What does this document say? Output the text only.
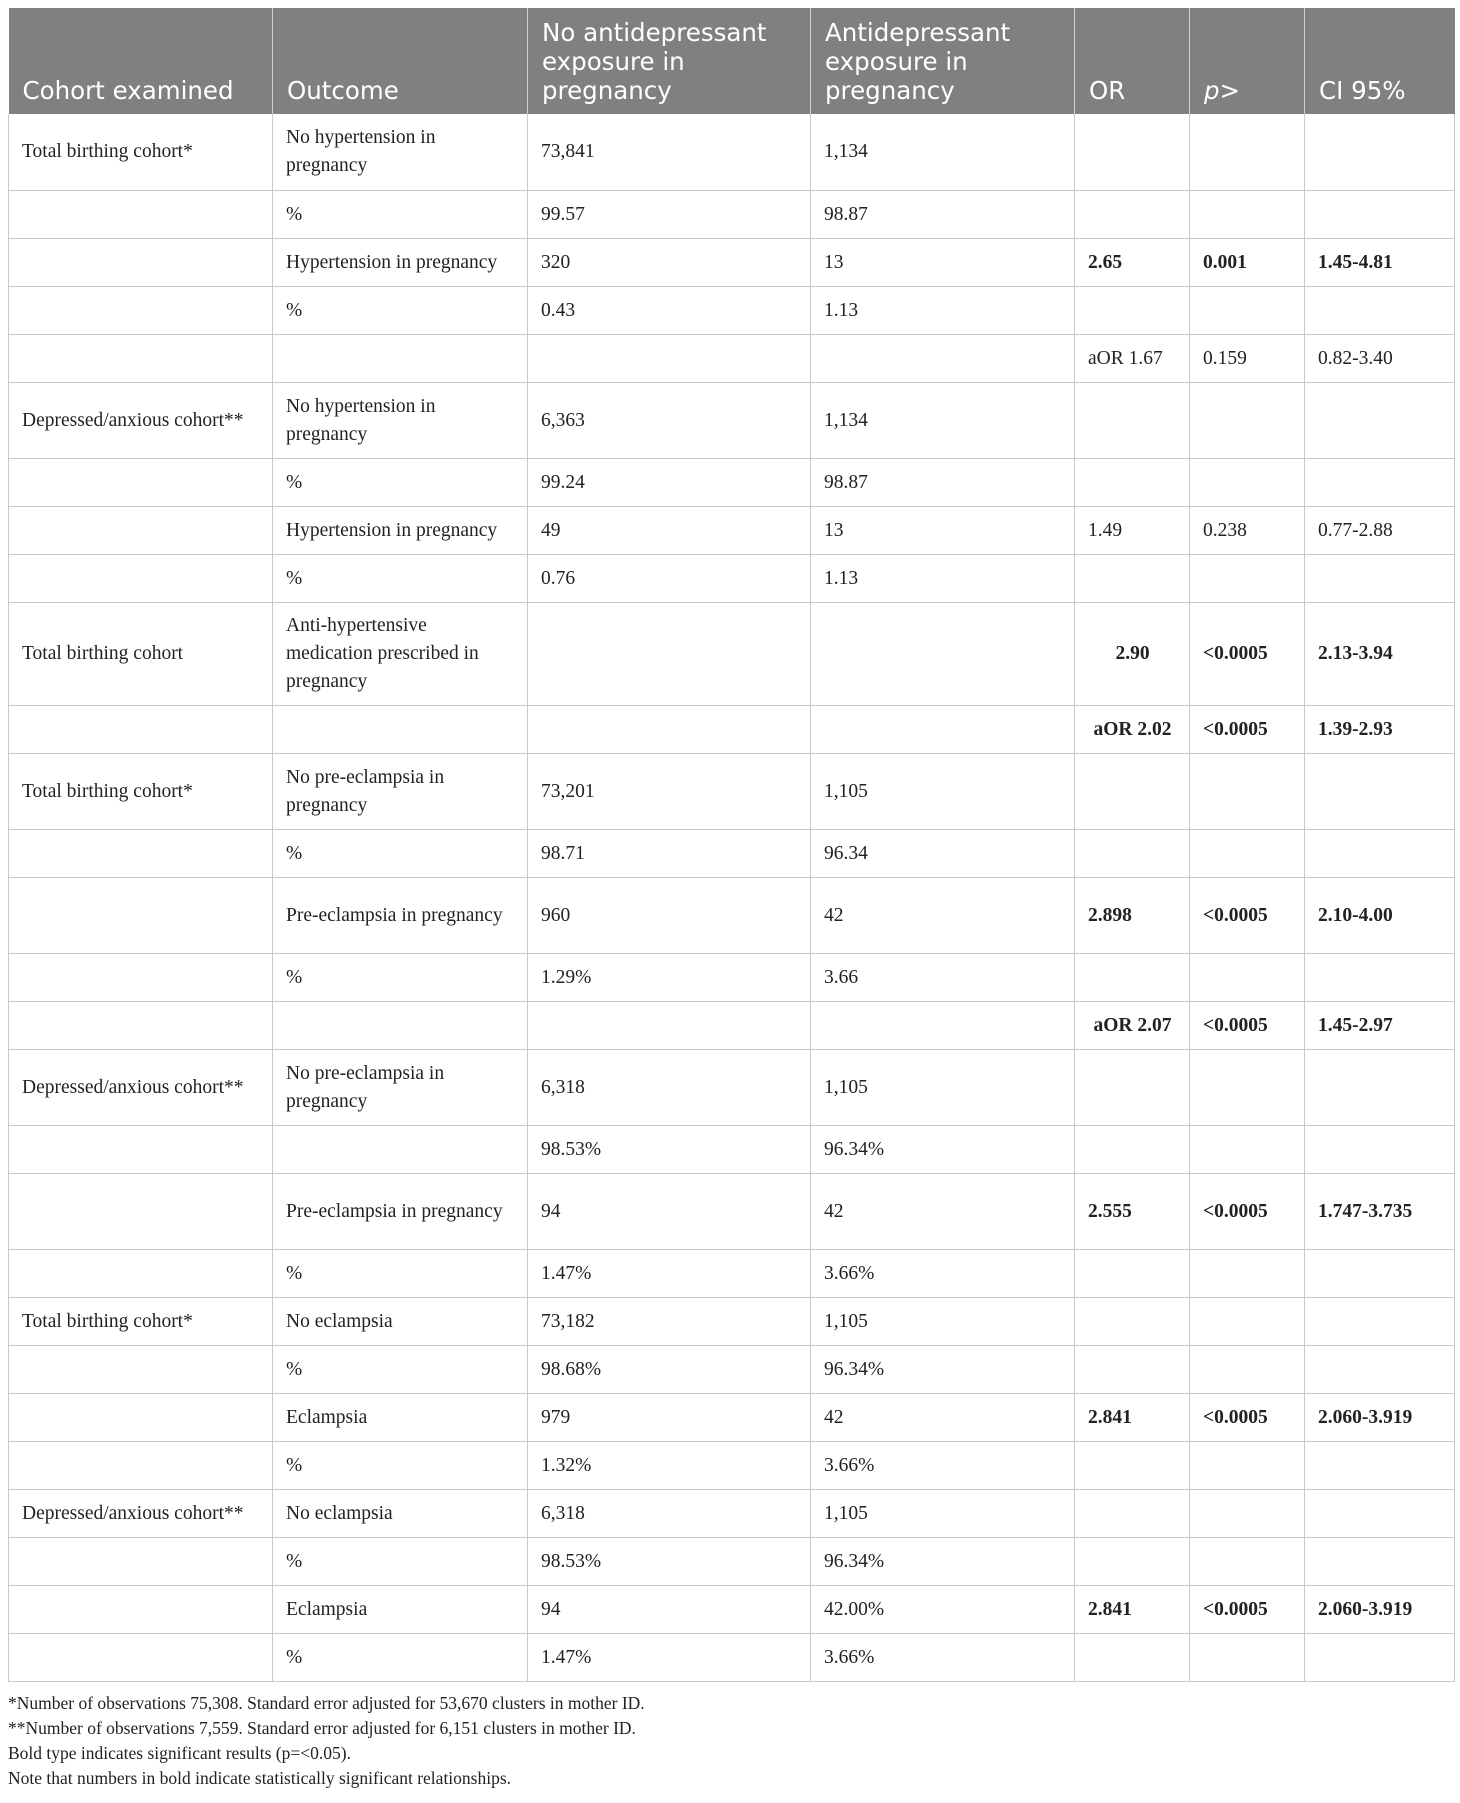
Cohort examined	Outcome	No antidepressant exposure in pregnancy	Antidepressant exposure in pregnancy	OR	p>	CI 95%
Total birthing cohort*	No hypertension in pregnancy	73,841	1,134			
	%	99.57	98.87			
	Hypertension in pregnancy	320	13	2.65	0.001	1.45-4.81
	%	0.43	1.13			
				aOR 1.67	0.159	0.82-3.40
Depressed/anxious cohort**	No hypertension in pregnancy	6,363	1,134			
	%	99.24	98.87			
	Hypertension in pregnancy	49	13	1.49	0.238	0.77-2.88
	%	0.76	1.13			
Total birthing cohort	Anti-hypertensive medication prescribed in pregnancy			2.90	<0.0005	2.13-3.94
				aOR 2.02	<0.0005	1.39-2.93
Total birthing cohort*	No pre-eclampsia in pregnancy	73,201	1,105			
	%	98.71	96.34			
	Pre-eclampsia in pregnancy	960	42	2.898	<0.0005	2.10-4.00
	%	1.29%	3.66			
				aOR 2.07	<0.0005	1.45-2.97
Depressed/anxious cohort**	No pre-eclampsia in pregnancy	6,318	1,105			
		98.53%	96.34%			
	Pre-eclampsia in pregnancy	94	42	2.555	<0.0005	1.747-3.735
	%	1.47%	3.66%			
Total birthing cohort*	No eclampsia	73,182	1,105			
	%	98.68%	96.34%			
	Eclampsia	979	42	2.841	<0.0005	2.060-3.919
	%	1.32%	3.66%			
Depressed/anxious cohort**	No eclampsia	6,318	1,105			
	%	98.53%	96.34%			
	Eclampsia	94	42.00%	2.841	<0.0005	2.060-3.919
	%	1.47%	3.66%			
*Number of observations 75,308. Standard error adjusted for 53,670 clusters in mother ID.
**Number of observations 7,559. Standard error adjusted for 6,151 clusters in mother ID.
Bold type indicates significant results (p=<0.05).
Note that numbers in bold indicate statistically significant relationships.
